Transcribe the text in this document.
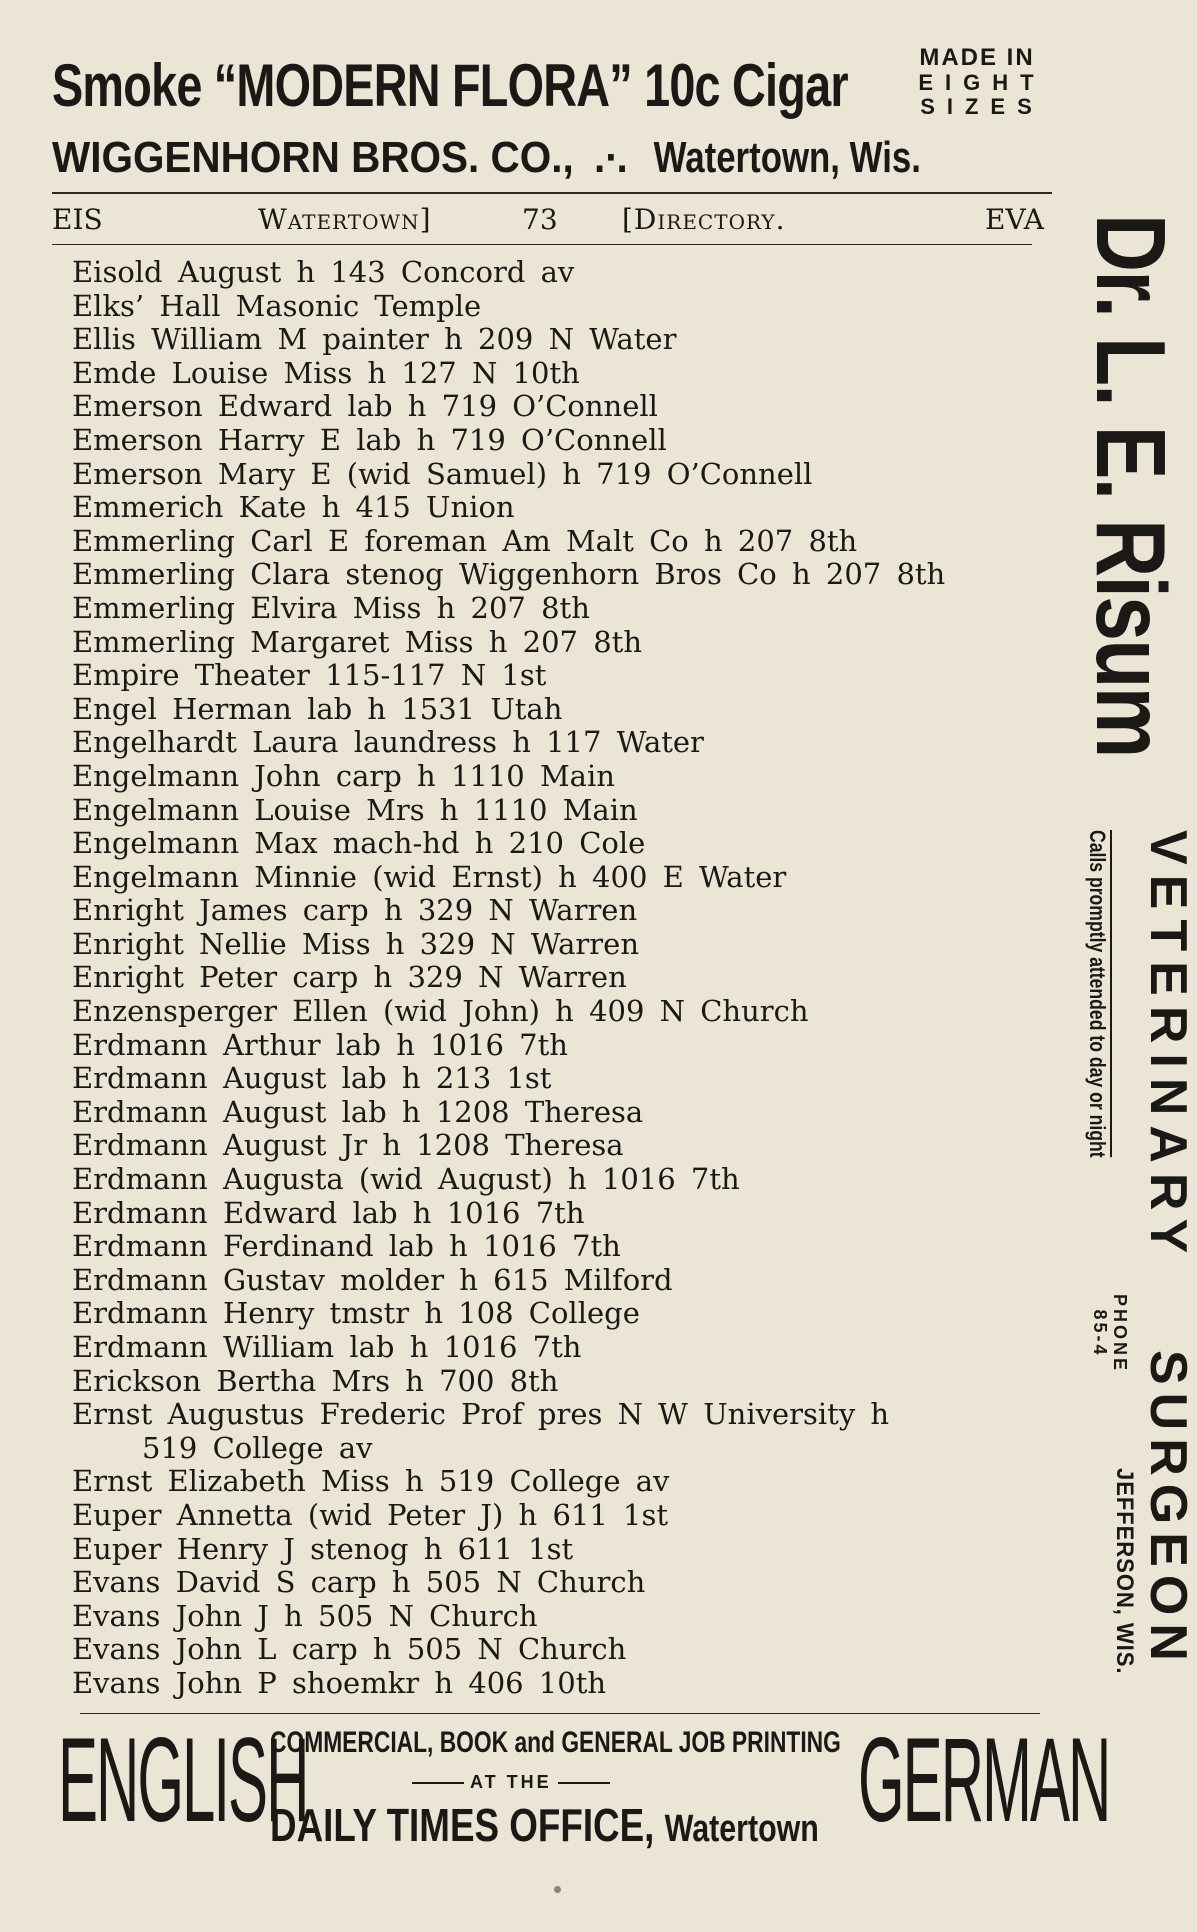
Smoke “MODERN FLORA” 10c Cigar	MADE IN
EIGHT
SIZES
WIGGENHORN BROS. CO., .∙. Watertown, Wis.
EIS	Watertown]	73 [Directory.	EVA
Eisold August h 143 Concord av
Elks’ Hall Masonic Temple
Ellis William M painter h 209 N Water
Emde Louise Miss h 127 N 10th
Emerson Edward lab h 719 O’Connell
Emerson Harry E lab h 719 O’Connell
Emerson Mary E (wid Samuel) h 719 O’Connell
Emmerich Kate h 415 Union
Emmerling Carl E foreman Am Malt Co h 207 8th
Emmerling Clara stenog Wiggenhorn Bros Co h 207 8th
Emmerling Elvira Miss h 207 8th
Emmerling Margaret Miss h 207 8th
Empire Theater 115-117 N 1st
Engel Herman lab h 1531 Utah
Engelhardt Laura laundress h 117 Water
Engelmann John carp h 1110 Main
Engelmann Louise Mrs h 1110 Main
Engelmann Max mach-hd h 210 Cole
Engelmann Minnie (wid Ernst) h 400 E Water
Enright James carp h 329 N Warren
Enright Nellie Miss h 329 N Warren
Enright Peter carp h 329 N Warren
Enzensperger Ellen (wid John) h 409 N Church
Erdmann Arthur lab h 1016 7th
Erdmann August lab h 213 1st
Erdmann August lab h 1208 Theresa
Erdmann August Jr h 1208 Theresa
Erdmann Augusta (wid August) h 1016 7th
Erdmann Edward lab h 1016 7th
Erdmann Ferdinand lab h 1016 7th
Erdmann Gustav molder h 615 Milford
Erdmann Henry tmstr h 108 College
Erdmann William lab h 1016 7th
Erickson Bertha Mrs h 700 8th
Ernst Augustus Frederic Prof pres N W University h
519 College av
Ernst Elizabeth Miss h 519 College av
Euper Annetta (wid Peter J) h 611 1st
Euper Henry J stenog h 611 1st
Evans David S carp h 505 N Church
Evans John J h 505 N Church
Evans John L carp h 505 N Church
Evans John P shoemkr h 406 10th
Dr. L. E. Risum
VETERINARY
Calls promptly attended to day or night
PHONE
85-4
SURGEON
JEFFERSON, WIS.
ENGLISH
COMMERCIAL, BOOK and GENERAL JOB PRINTING
AT THE
DAILY TIMES OFFICE, Watertown GERMAN
